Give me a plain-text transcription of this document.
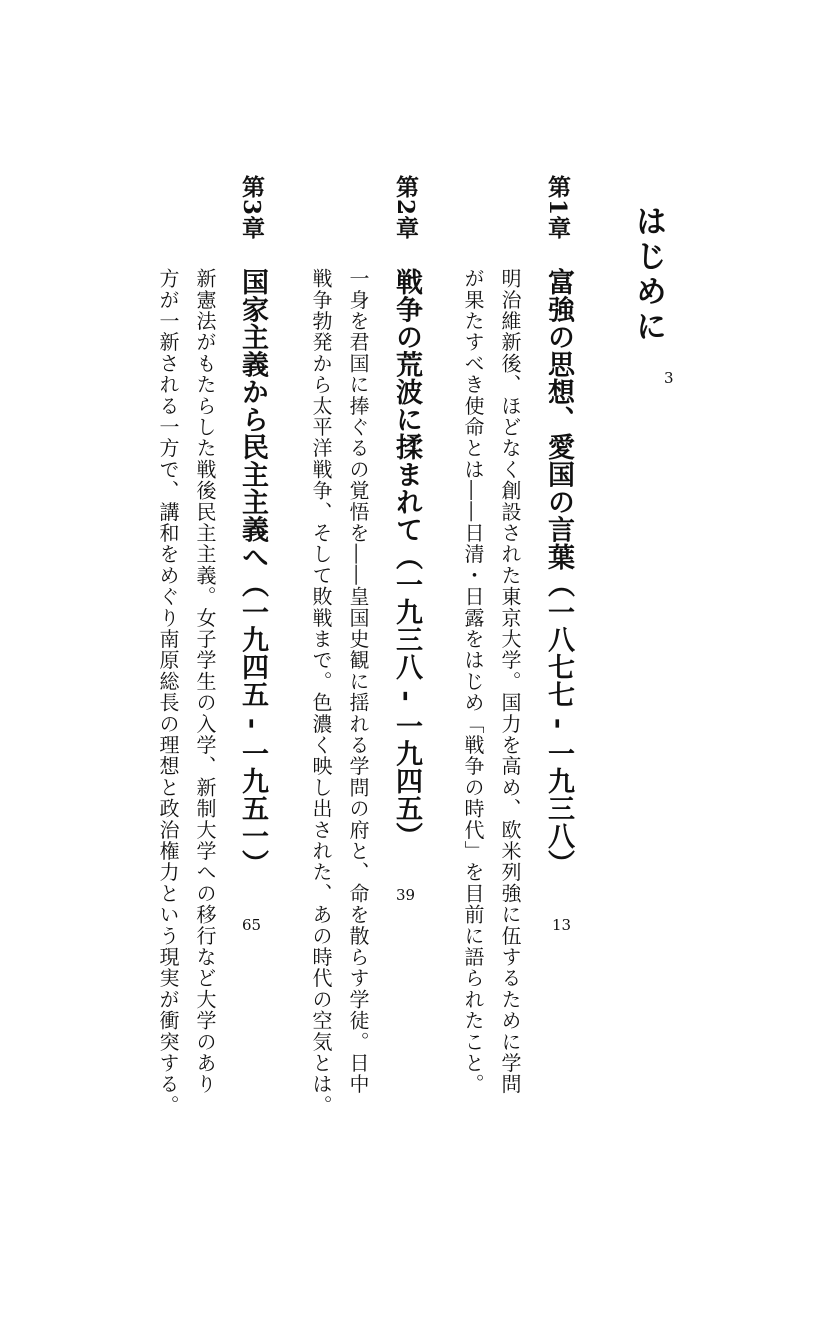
はじめに
3
第1章
富強の思想、愛国の言葉（一八七七 - 一九三八）
13
明治維新後、ほどなく創設された東京大学。国力を高め、欧米列強に伍するために学問
が果たすべき使命とは――日清・日露をはじめ「戦争の時代」を目前に語られたこと。
第2章
戦争の荒波に揉まれて（一九三八 - 一九四五）
39
一身を君国に捧ぐるの覚悟を――皇国史観に揺れる学問の府と、命を散らす学徒。日中
戦争勃発から太平洋戦争、そして敗戦まで。色濃く映し出された、あの時代の空気とは。
第3章
国家主義から民主主義へ（一九四五 - 一九五一）
65
新憲法がもたらした戦後民主主義。女子学生の入学、新制大学への移行など大学のあり
方が一新される一方で、講和をめぐり南原総長の理想と政治権力という現実が衝突する。
